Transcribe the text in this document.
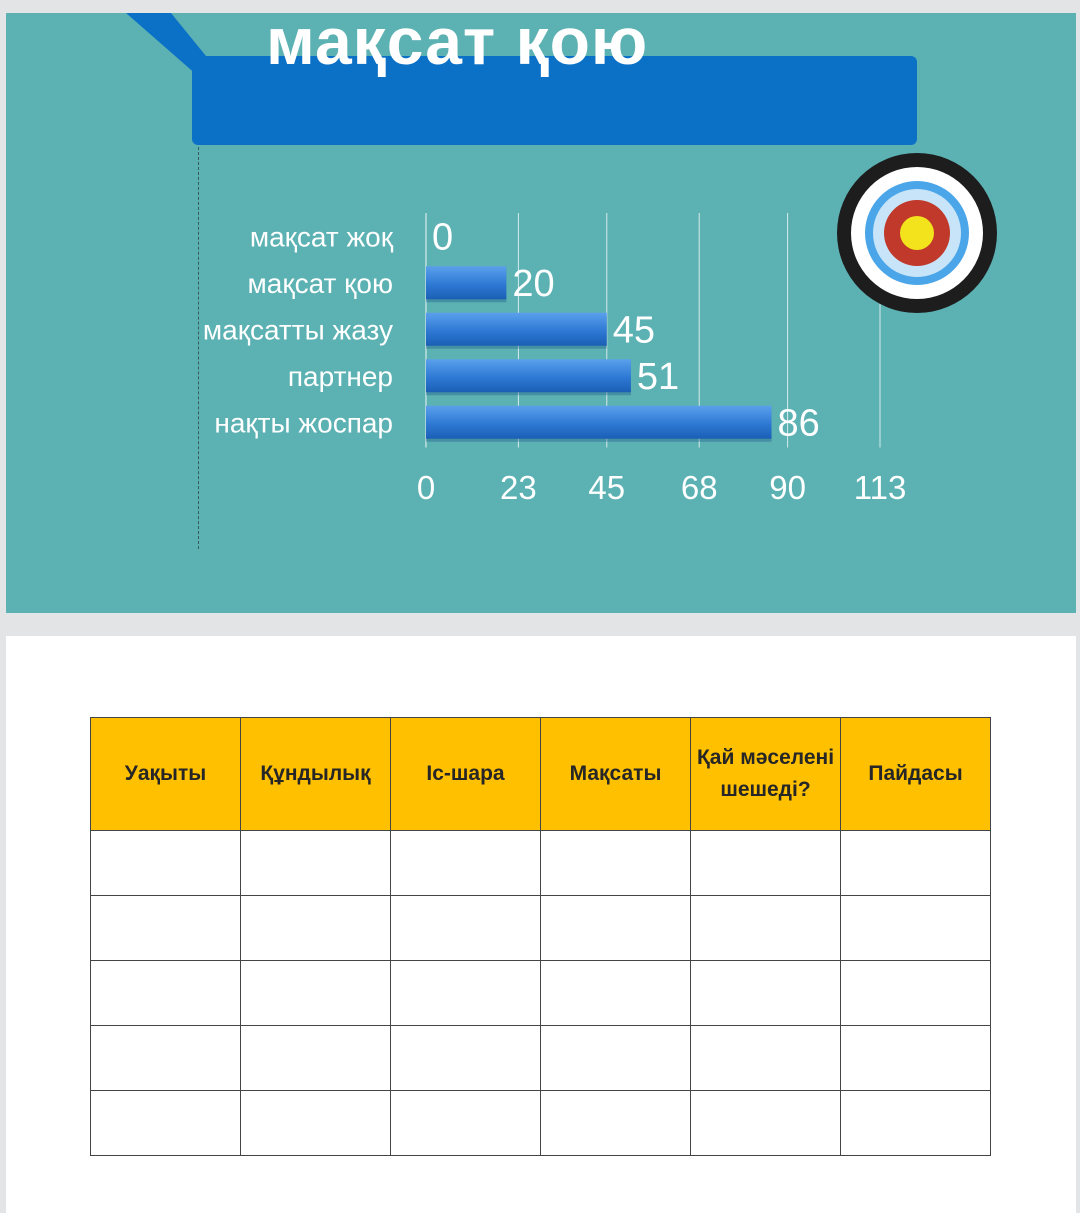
мақсат қою
0 23 45 68 90 113
мақсат жоқ 0
мақсат қою	20
мақсатты жазу	45
партнер	51
нақты жоспар	86
Уақыты	Құндылық	Іс-шара	Мақсаты	Қай мәселені шешеді?	Пайдасы
